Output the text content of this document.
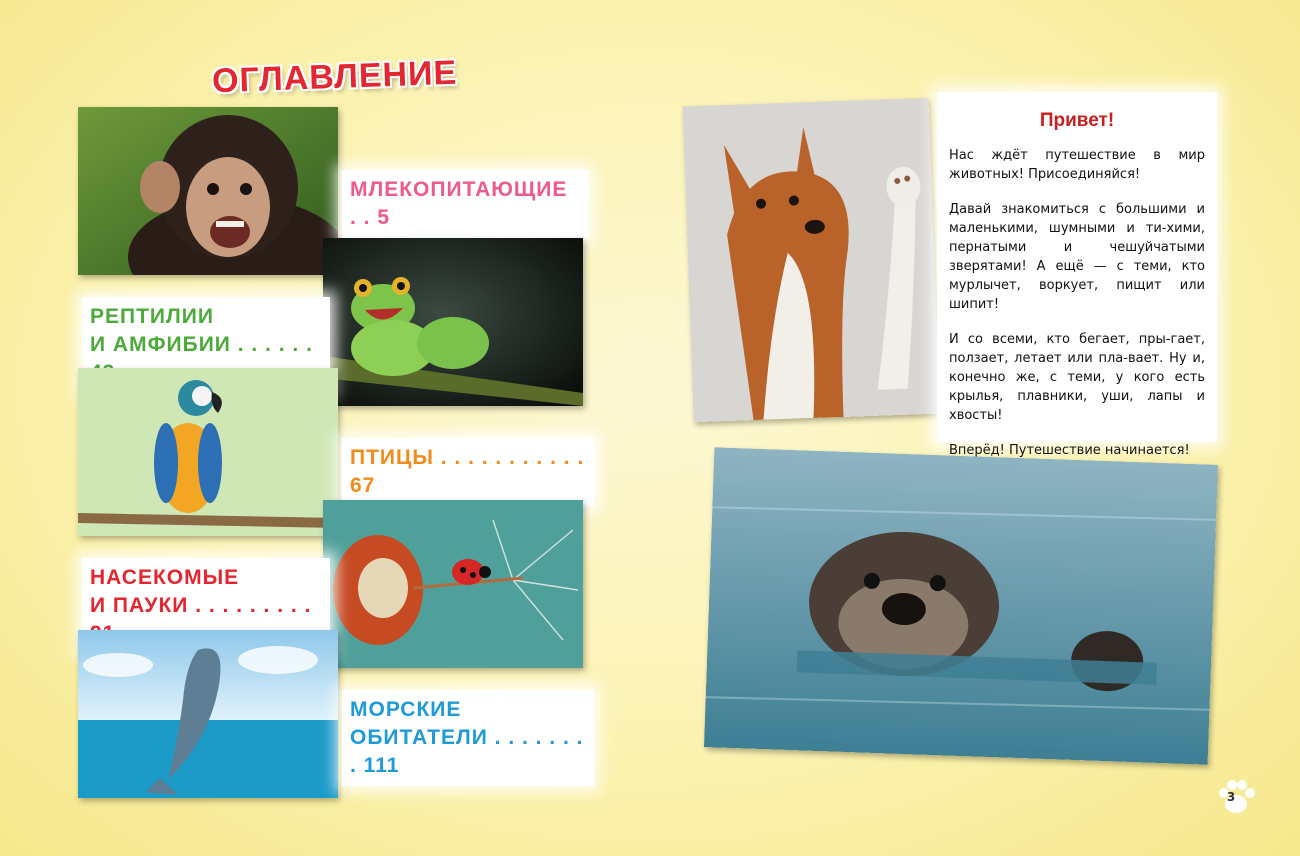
ОГЛАВЛЕНИЕ
МЛЕКОПИТАЮЩИЕ . . 5
РЕПТИЛИИ
И АМФИБИИ . . . . . .
ПТИЦЫ . . . . . . . . . . . 67
НАСЕКОМЫЕ
И ПАУКИ . . . . . . . . .
МОРСКИЕ
ОБИТАТЕЛИ . . . . . . . . 111
Привет!

Нас ждёт путешествие в мир животных! Присоединяйся!

Давай знакомиться с большими и маленькими, шумными и ти-хими, пернатыми и чешуйчатыми зверятами! А ещё — с теми, кто мурлычет, воркует, пищит или шипит!

И со всеми, кто бегает, пры-гает, ползает, летает или пла-вает. Ну и, конечно же, с теми, у кого есть крылья, плавники, уши, лапы и хвосты!

Вперёд! Путешествие начинается!

3
